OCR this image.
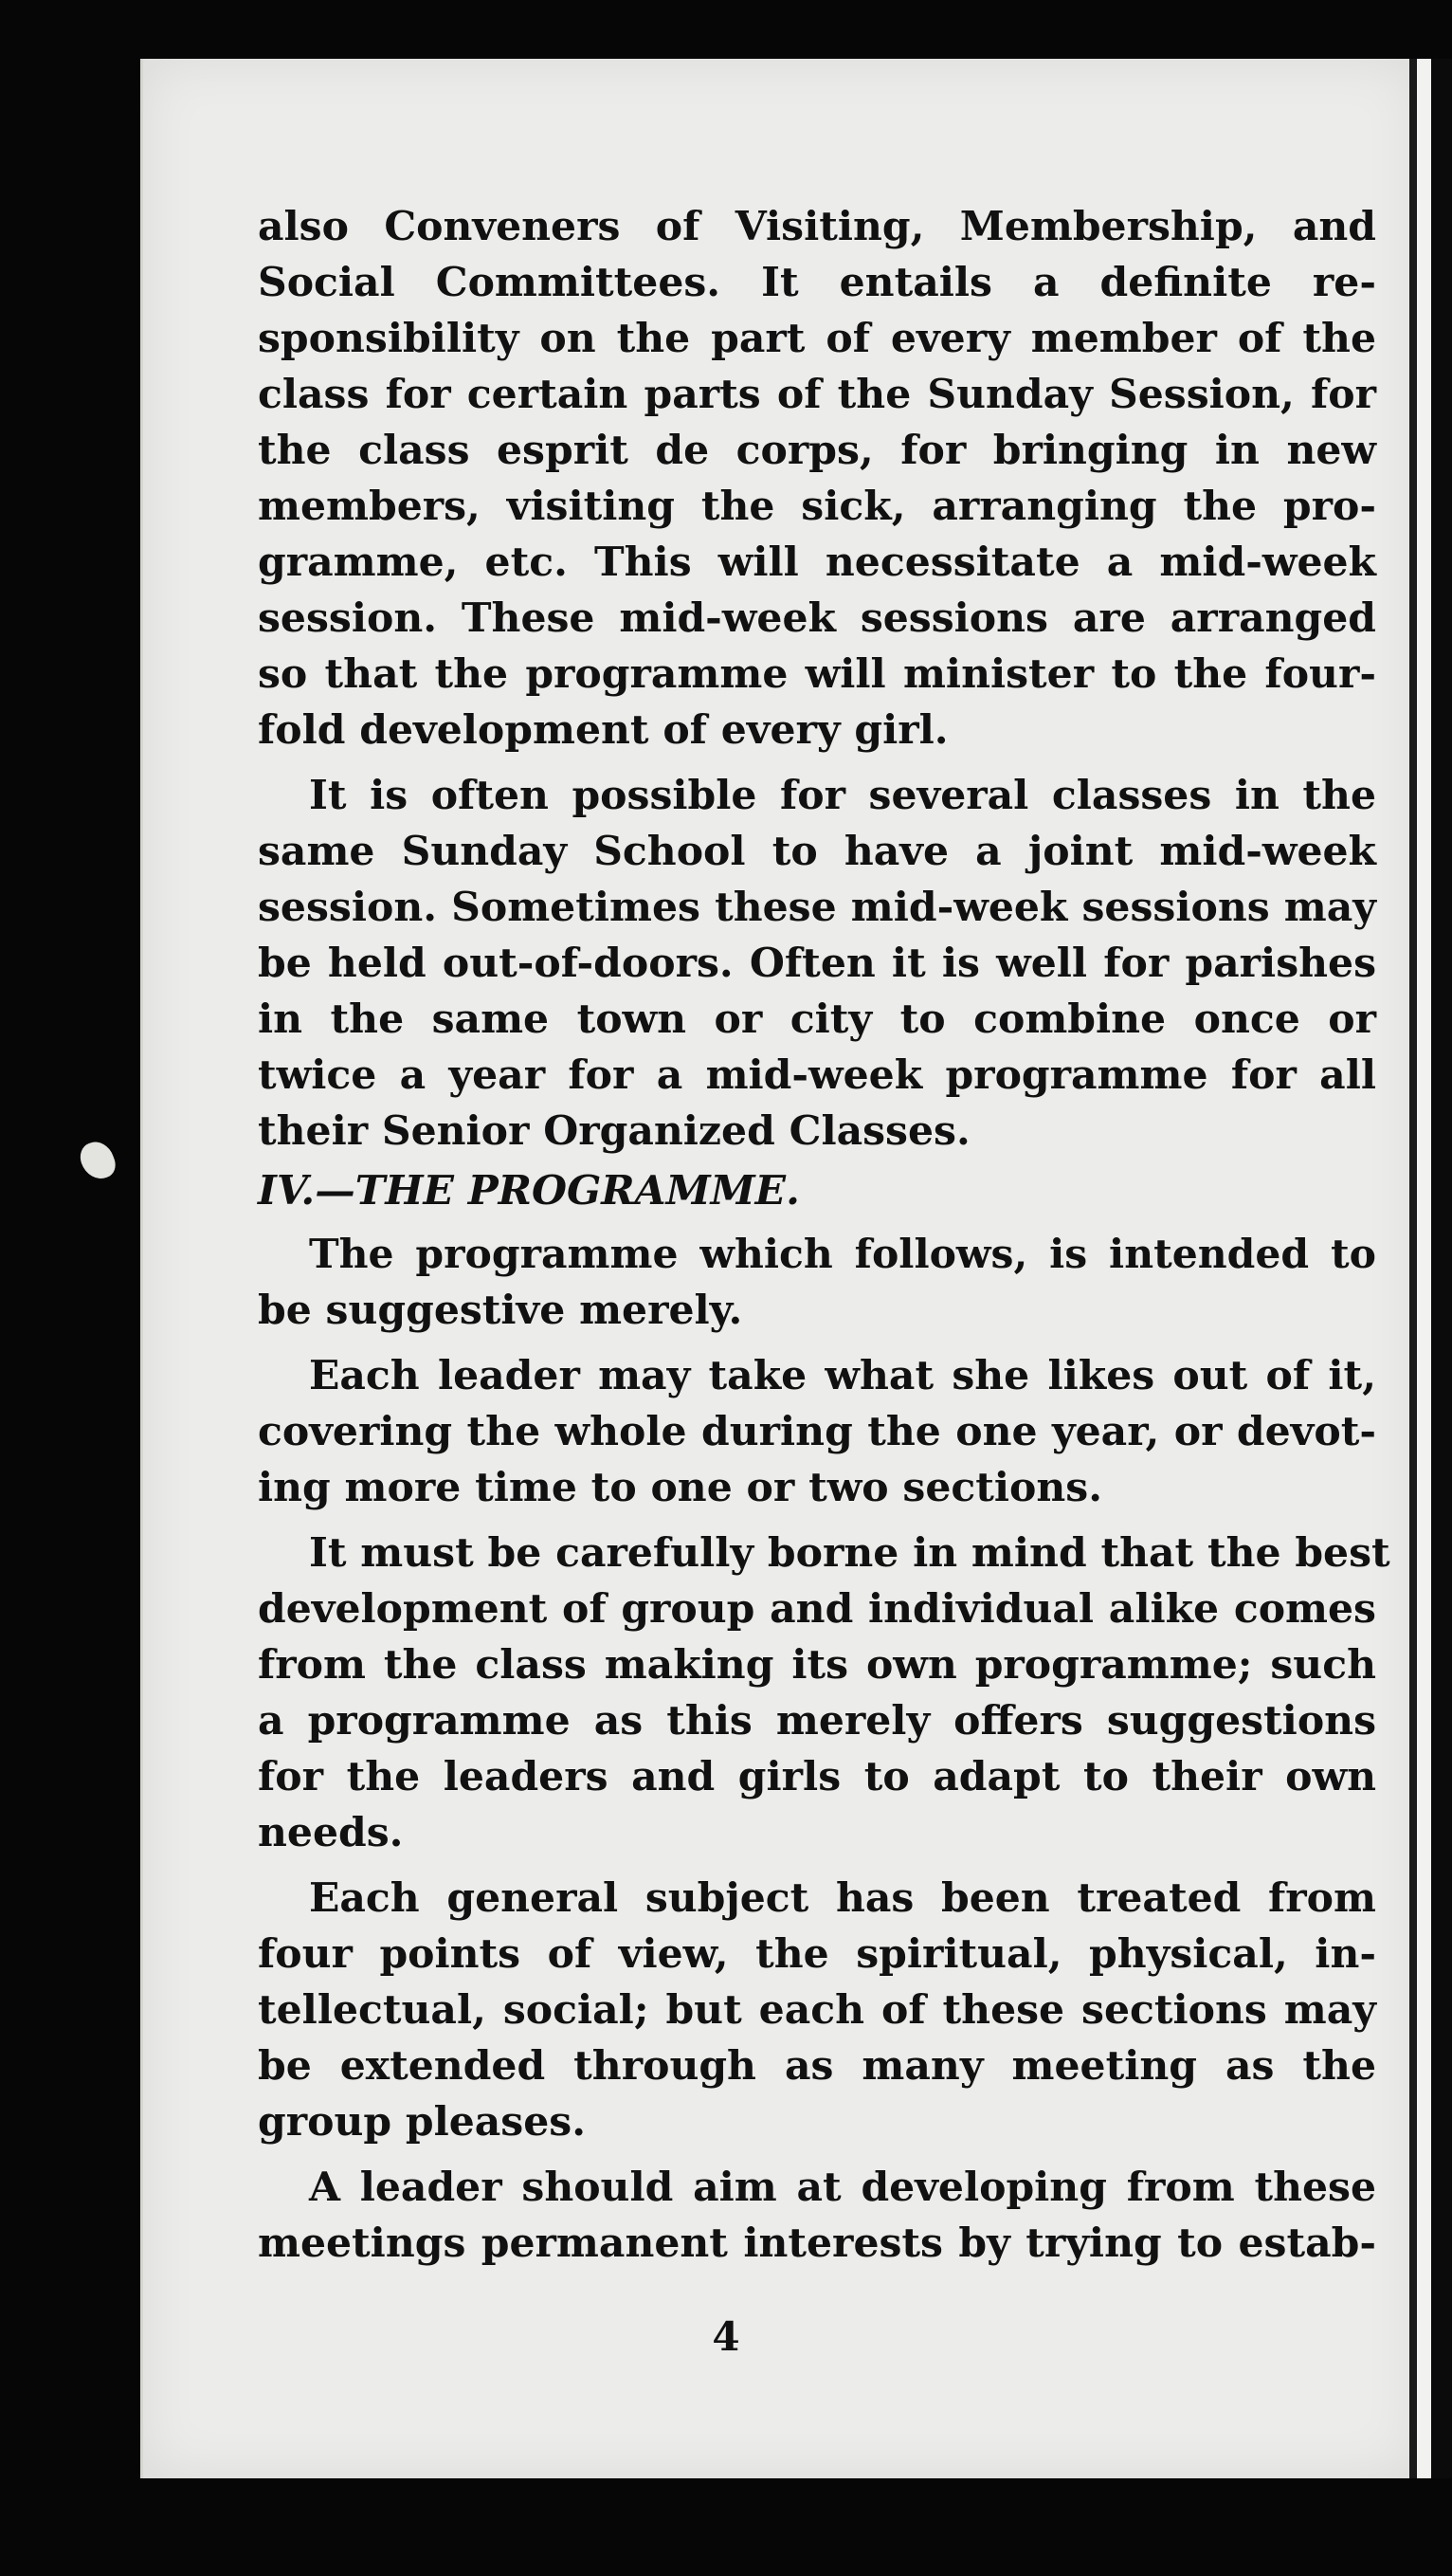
also Conveners of Visiting, Membership, and
Social Committees. It entails a definite re-
sponsibility on the part of every member of the
class for certain parts of the Sunday Session, for
the class esprit de corps, for bringing in new
members, visiting the sick, arranging the pro-
gramme, etc. This will necessitate a mid-week
session. These mid-week sessions are arranged
so that the programme will minister to the four-
fold development of every girl.
It is often possible for several classes in the
same Sunday School to have a joint mid-week
session. Sometimes these mid-week sessions may
be held out-of-doors. Often it is well for parishes
in the same town or city to combine once or
twice a year for a mid-week programme for all
their Senior Organized Classes.
IV.—THE PROGRAMME.
The programme which follows, is intended to
be suggestive merely.
Each leader may take what she likes out of it,
covering the whole during the one year, or devot-
ing more time to one or two sections.
It must be carefully borne in mind that the best
development of group and individual alike comes
from the class making its own programme; such
a programme as this merely offers suggestions
for the leaders and girls to adapt to their own
needs.
Each general subject has been treated from
four points of view, the spiritual, physical, in-
tellectual, social; but each of these sections may
be extended through as many meeting as the
group pleases.
A leader should aim at developing from these
meetings permanent interests by trying to estab-
4
